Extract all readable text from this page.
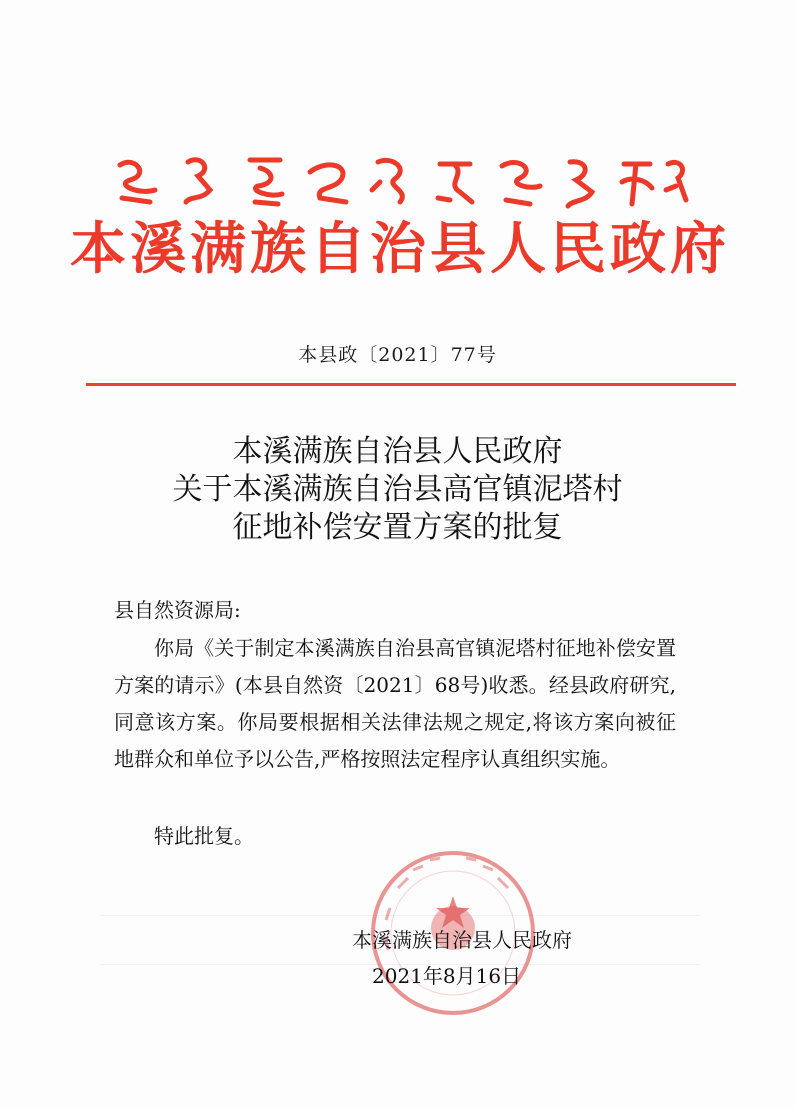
ᠪᡝᠨᠰᡳ ᠮᠠᠨᠵᡠ ᠪᡝᠶᡝ ᡩᠠᠰᠠᡵᡳ ᠰᡳᠶᠠᠨ ᠨᡳᠶᠠᠯᠮᠠ ᡳᡵᡤᡝᠨ ᠶᠠᠮᡠᠨ
本溪满族自治县人民政府
本县政〔2021〕77号
本溪满族自治县人民政府
关于本溪满族自治县高官镇泥塔村
征地补偿安置方案的批复
县自然资源局:

你局《关于制定本溪满族自治县高官镇泥塔村征地补偿安置方案的请示》(本县自然资〔2021〕68号)收悉。经县政府研究,同意该方案。你局要根据相关法律法规之规定,将该方案向被征地群众和单位予以公告,严格按照法定程序认真组织实施。

特此批复。
ᠪᡝᠨᠰᡳ 本溪满族自治县人民政府
本溪满族自治县人民政府
2021年8月16日
